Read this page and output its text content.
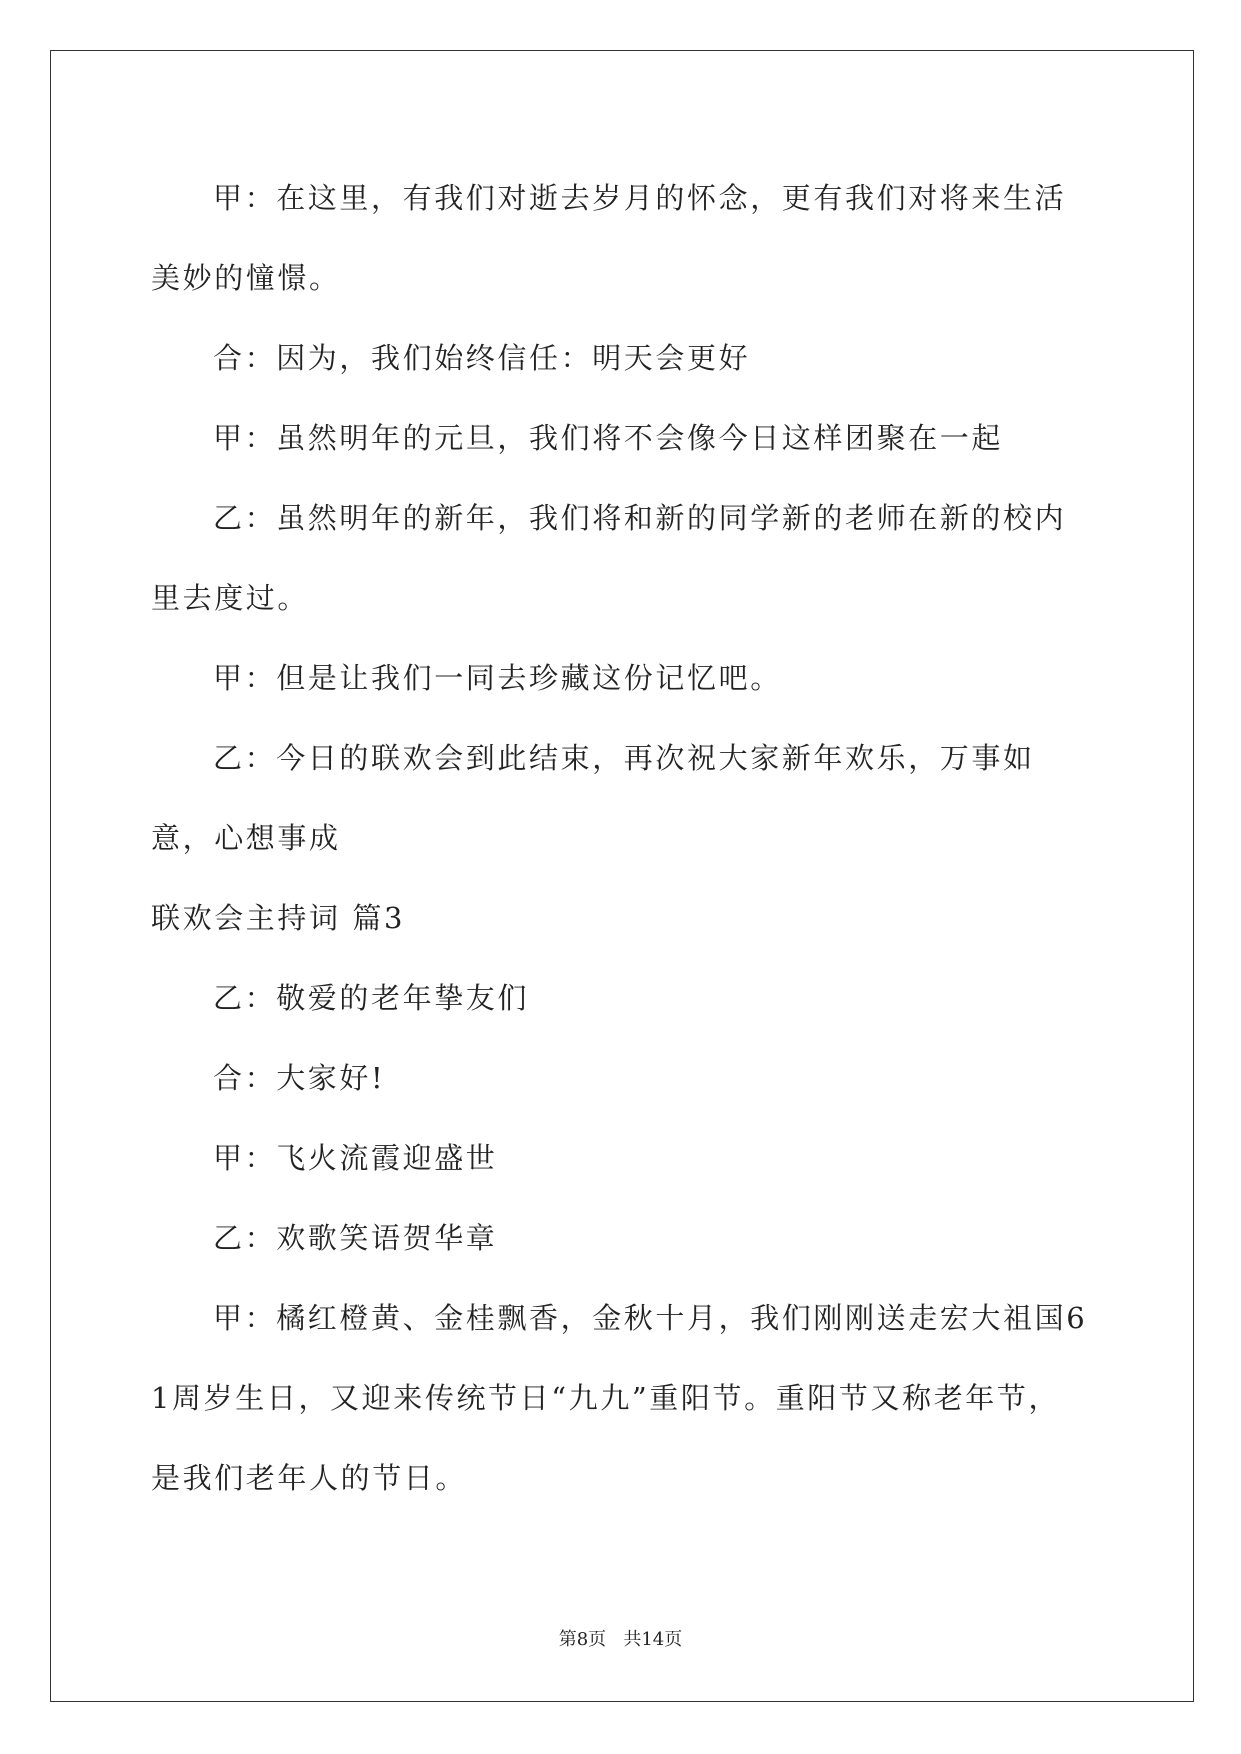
甲：在这里，有我们对逝去岁月的怀念，更有我们对将来生活美妙的憧憬。

合：因为，我们始终信任：明天会更好

甲：虽然明年的元旦，我们将不会像今日这样团聚在一起

乙：虽然明年的新年，我们将和新的同学新的老师在新的校内里去度过。

甲：但是让我们一同去珍藏这份记忆吧。

乙：今日的联欢会到此结束，再次祝大家新年欢乐，万事如意，心想事成

联欢会主持词 篇3

乙：敬爱的老年挚友们

合：大家好!

甲：飞火流霞迎盛世

乙：欢歌笑语贺华章

甲：橘红橙黄、金桂飘香，金秋十月，我们刚刚送走宏大祖国61周岁生日，又迎来传统节日“九九”重阳节。重阳节又称老年节，是我们老年人的节日。

第8页   共14页
